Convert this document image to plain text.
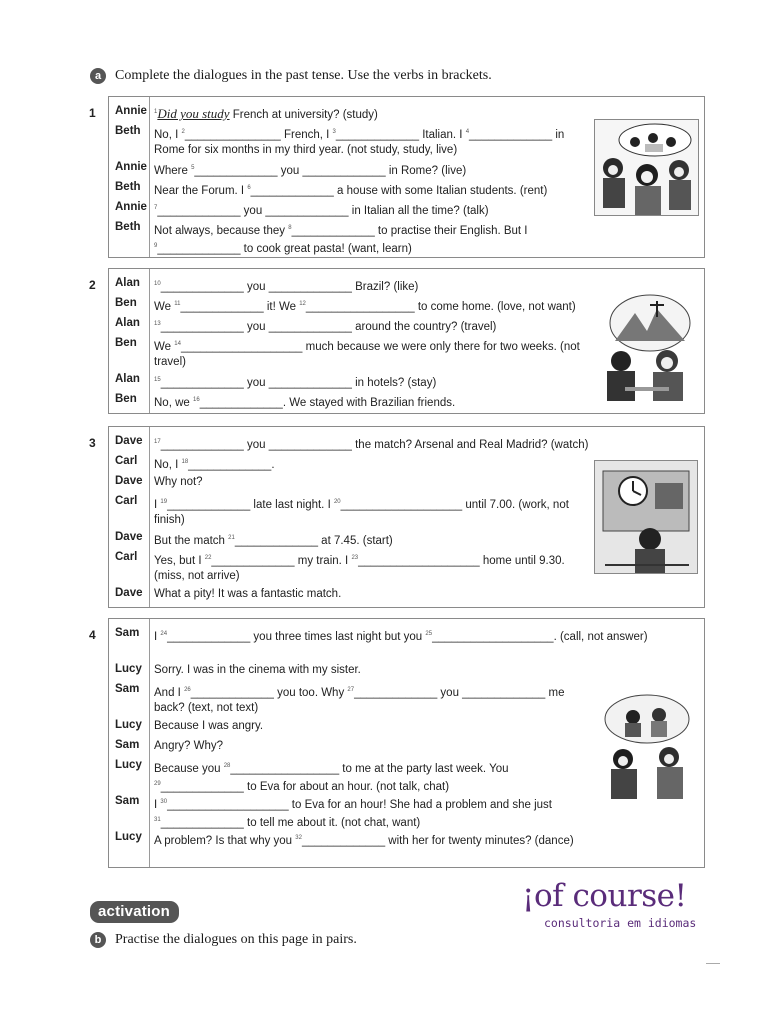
a Complete the dialogues in the past tense. Use the verbs in brackets.
1 Annie	$^1$Did you study French at university? (study)
Beth	No, I $^2$_______________ French, I $^3$_____________ Italian. I $^4$_____________ in Rome for six months in my third year. (not study, study, live)
Annie Where $^5$_____________ you _____________ in Rome? (live)
Beth	Near the Forum. I $^6$_____________ a house with some Italian students. (rent)
Annie	$^7$_____________ you _____________ in Italian all the time? (talk)
Beth	Not always, because they $^8$_____________ to practise their English. But I $^9$_____________ to cook great pasta! (want, learn)
2 Alan	$^{10}$_____________ you _____________ Brazil? (like)
Ben	We $^{11}$_____________ it! We $^{12}$_________________ to come home. (love, not want)
Alan	$^{13}$_____________ you _____________ around the country? (travel)
Ben	We $^{14}$___________________ much because we were only there for two weeks. (not travel)
Alan	$^{15}$_____________ you _____________ in hotels? (stay)
Ben	No, we $^{16}$_____________. We stayed with Brazilian friends.
3 Dave	$^{17}$_____________ you _____________ the match? Arsenal and Real Madrid? (watch)
Carl	No, I $^{18}$_____________.
Dave	Why not?
Carl	I $^{19}$_____________ late last night. I $^{20}$___________________ until 7.00. (work, not finish)
Dave	But the match $^{21}$_____________ at 7.45. (start)
Carl	Yes, but I $^{22}$_____________ my train. I $^{23}$___________________ home until 9.30. (miss, not arrive)
Dave	What a pity! It was a fantastic match.
4 Sam	I $^{24}$_____________ you three times last night but you $^{25}$___________________. (call, not answer)
Lucy	Sorry. I was in the cinema with my sister.
Sam	And I $^{26}$_____________ you too. Why $^{27}$_____________ you _____________ me back? (text, not text)
Lucy	Because I was angry.
Sam	Angry? Why?
Lucy	Because you $^{28}$_________________ to me at the party last week. You $^{29}$_____________ to Eva for about an hour. (not talk, chat)
Sam	I $^{30}$___________________ to Eva for an hour! She had a problem and she just $^{31}$_____________ to tell me about it. (not chat, want)
Lucy	A problem? Is that why you $^{32}$_____________ with her for twenty minutes? (dance)
activation
b Practise the dialogues on this page in pairs.
¡of course!
consultoria em idiomas
